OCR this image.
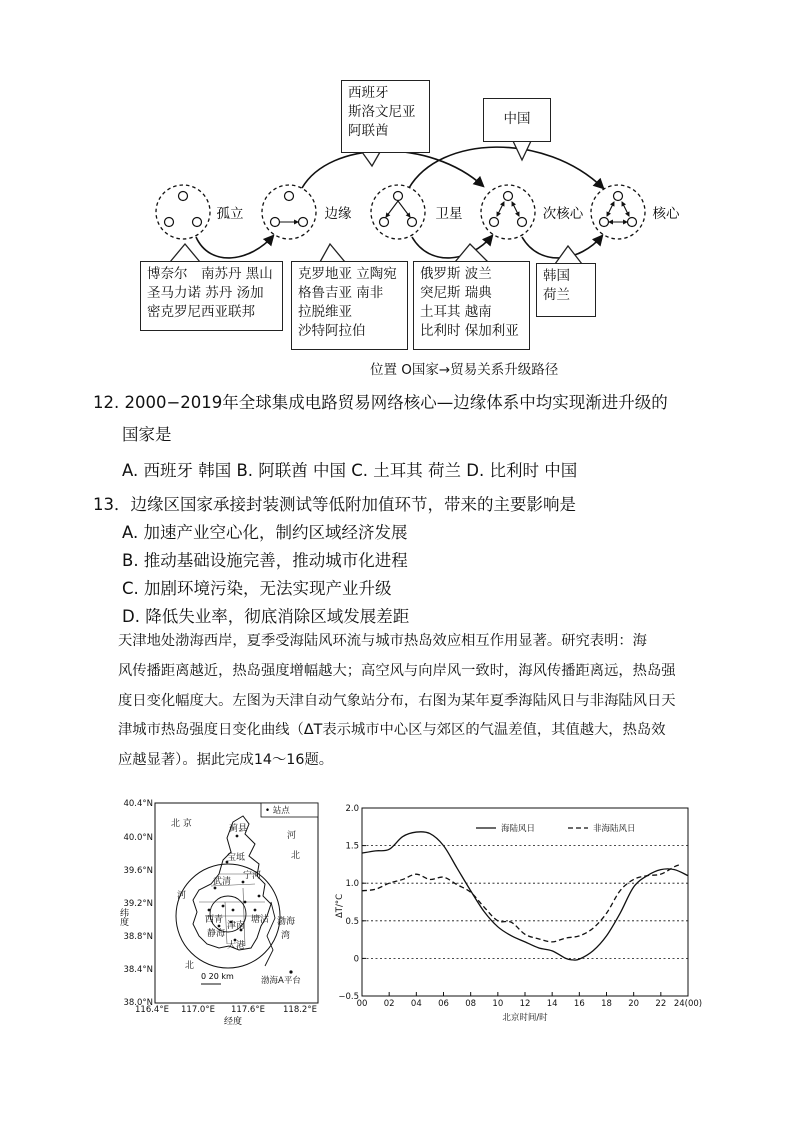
孤立	边缘	卫星	次核心	核心
西班牙
斯洛文尼亚
阿联酋
中国
博奈尔　南苏丹 黑山
圣马力诺 苏丹 汤加
密克罗尼西亚联邦
克罗地亚 立陶宛
格鲁吉亚 南非
拉脱维亚
沙特阿拉伯
俄罗斯 波兰
突尼斯 瑞典
土耳其 越南
比利时 保加利亚
韩国
荷兰
位置 O国家→贸易关系升级路径
12. 2000−2019年全球集成电路贸易网络核心—边缘体系中均实现渐进升级的
国家是
A. 西班牙 韩国 B. 阿联酋 中国 C. 土耳其 荷兰 D. 比利时 中国
13．边缘区国家承接封装测试等低附加值环节，带来的主要影响是
A. 加速产业空心化，制约区域经济发展
B. 推动基础设施完善，推动城市化进程
C. 加剧环境污染，无法实现产业升级
D. 降低失业率，彻底消除区域发展差距
天津地处渤海西岸，夏季受海陆风环流与城市热岛效应相互作用显著。研究表明：海
风传播距离越近，热岛强度增幅越大；高空风与向岸风一致时，海风传播距离远，热岛强
度日变化幅度大。左图为天津自动气象站分布，右图为某年夏季海陆风日与非海陆风日天
津城市热岛强度日变化曲线（ΔT表示城市中心区与郊区的气温差值，其值越大，热岛效
应越显著）。据此完成14～16题。
40.4°N
40.0°N
39.6°N
39.2°N
38.8°N
38.4°N
38.0°N
116.4°E 117.0°E 117.6°E 118.2°E
纬度
经度
• 站点
北 京
河
北
蓟县
宝坻
武清
宁河
河
西青
静海
津南
大港
塘沽 渤海
湾
北
渤海A平台
0 20 km
2.0
1.5
1.0
0.5
0
−0.5
00 02 04 06 08 10 12 14 16 18 20 22 24(00)
北京时间/时
ΔT/°C
海陆风日	非海陆风日
